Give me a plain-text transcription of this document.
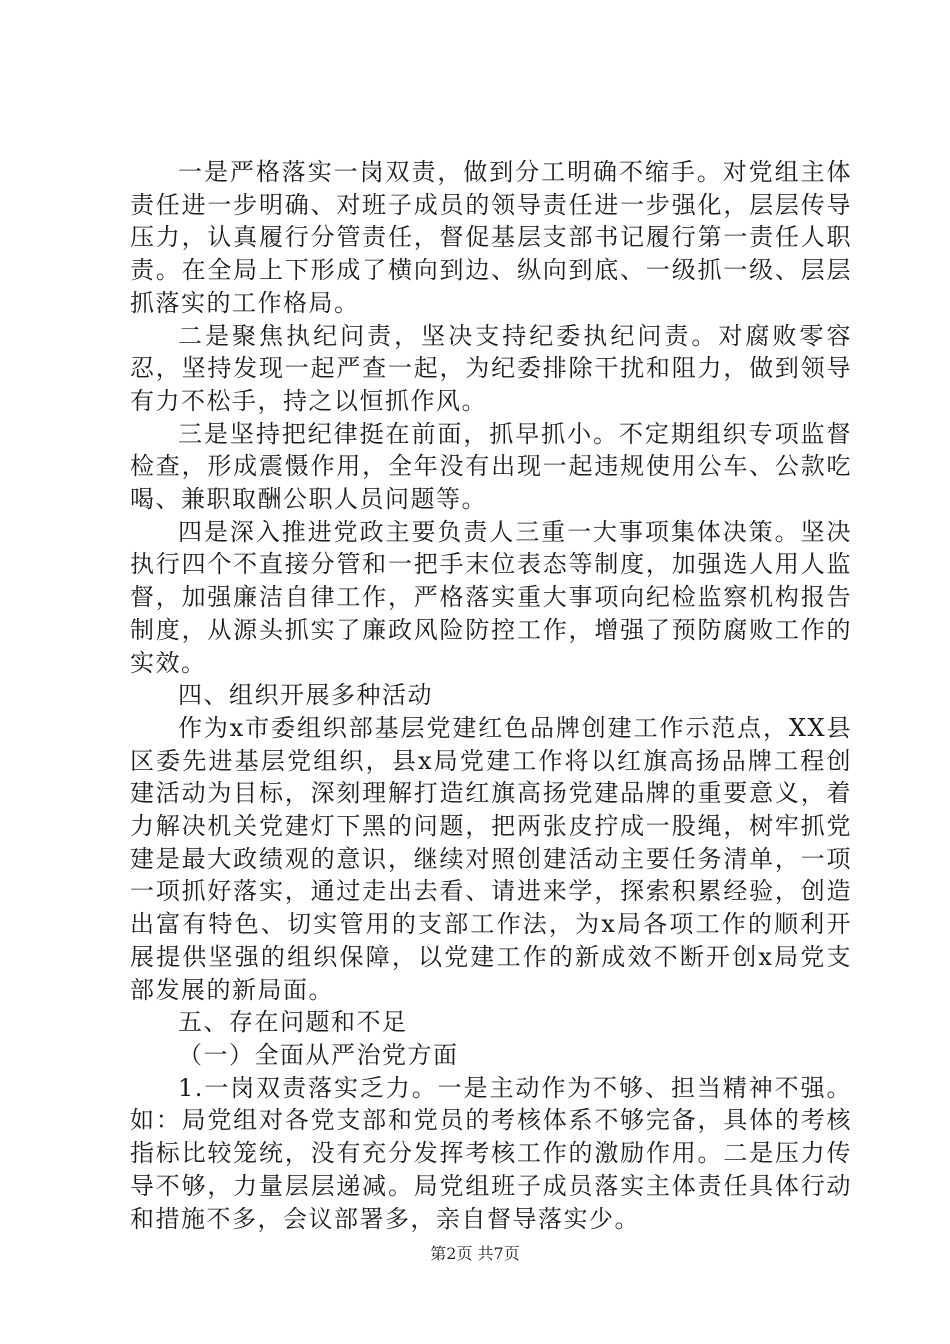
一是严格落实一岗双责，做到分工明确不缩手。对党组主体责任进一步明确、对班子成员的领导责任进一步强化，层层传导压力，认真履行分管责任，督促基层支部书记履行第一责任人职责。在全局上下形成了横向到边、纵向到底、一级抓一级、层层抓落实的工作格局。

二是聚焦执纪问责，坚决支持纪委执纪问责。对腐败零容忍，坚持发现一起严查一起，为纪委排除干扰和阻力，做到领导有力不松手，持之以恒抓作风。

三是坚持把纪律挺在前面，抓早抓小。不定期组织专项监督检查，形成震慑作用，全年没有出现一起违规使用公车、公款吃喝、兼职取酬公职人员问题等。

四是深入推进党政主要负责人三重一大事项集体决策。坚决执行四个不直接分管和一把手末位表态等制度，加强选人用人监督，加强廉洁自律工作，严格落实重大事项向纪检监察机构报告制度，从源头抓实了廉政风险防控工作，增强了预防腐败工作的实效。

四、组织开展多种活动

作为x市委组织部基层党建红色品牌创建工作示范点，XX县区委先进基层党组织，县x局党建工作将以红旗高扬品牌工程创建活动为目标，深刻理解打造红旗高扬党建品牌的重要意义，着力解决机关党建灯下黑的问题，把两张皮拧成一股绳，树牢抓党建是最大政绩观的意识，继续对照创建活动主要任务清单，一项一项抓好落实，通过走出去看、请进来学，探索积累经验，创造出富有特色、切实管用的支部工作法，为x局各项工作的顺利开展提供坚强的组织保障，以党建工作的新成效不断开创x局党支部发展的新局面。

五、存在问题和不足

（一）全面从严治党方面

1.一岗双责落实乏力。一是主动作为不够、担当精神不强。如：局党组对各党支部和党员的考核体系不够完备，具体的考核指标比较笼统，没有充分发挥考核工作的激励作用。二是压力传导不够，力量层层递减。局党组班子成员落实主体责任具体行动和措施不多，会议部署多，亲自督导落实少。

第2页 共7页
